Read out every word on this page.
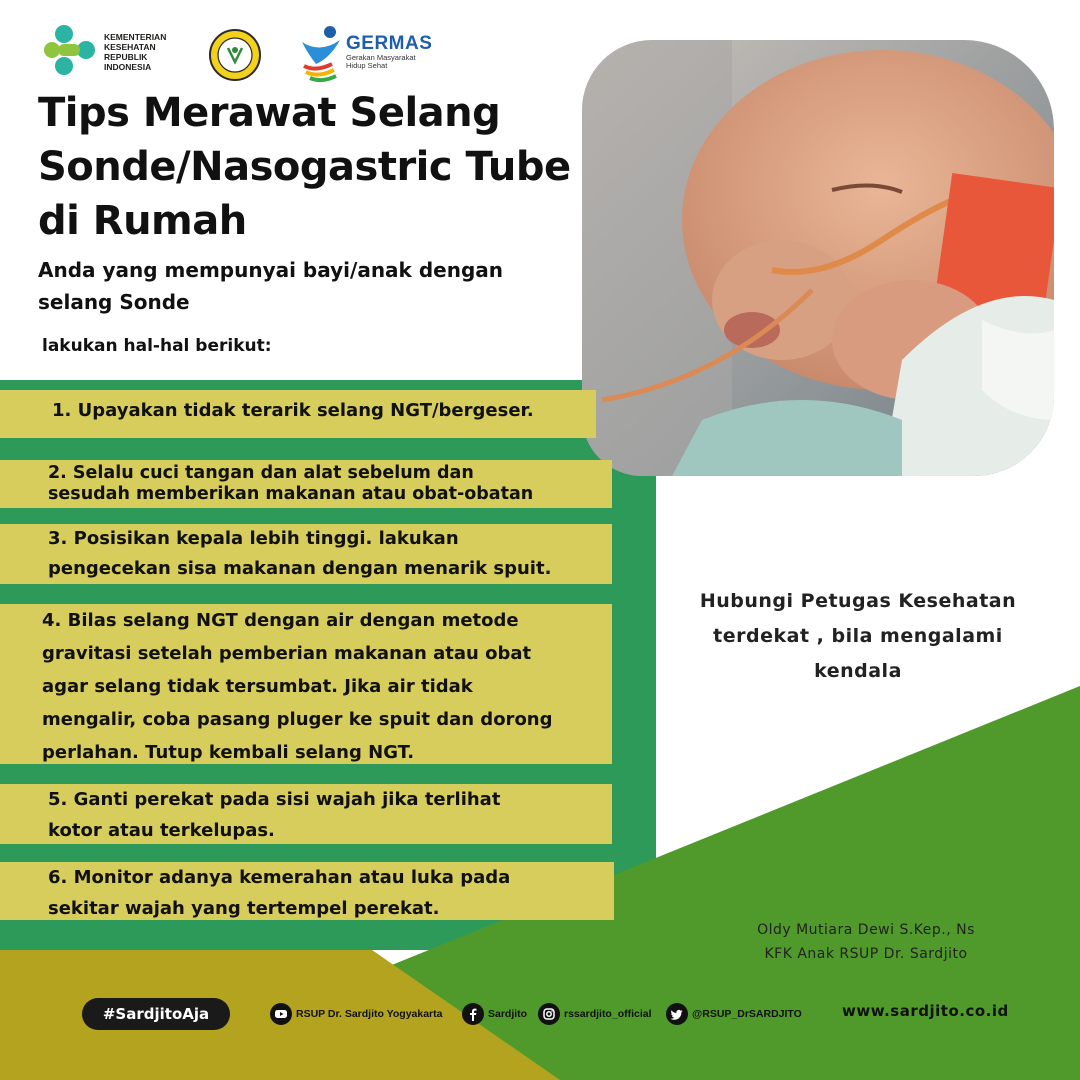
KEMENTERIAN
KESEHATAN
REPUBLIK
INDONESIA
GERMAS
Gerakan Masyarakat
Hidup Sehat
Tips Merawat Selang
Sonde/Nasogastric Tube
di Rumah
Anda yang mempunyai bayi/anak dengan
selang Sonde
lakukan hal-hal berikut:
1. Upayakan tidak terarik selang NGT/bergeser.
2. Selalu cuci tangan dan alat sebelum dan
sesudah memberikan makanan atau obat-obatan
3. Posisikan kepala lebih tinggi. lakukan
pengecekan sisa makanan dengan menarik spuit.
4. Bilas selang NGT dengan air dengan metode
gravitasi setelah pemberian makanan atau obat
agar selang tidak tersumbat. Jika air tidak
mengalir, coba pasang pluger ke spuit dan dorong
perlahan. Tutup kembali selang NGT.
5. Ganti perekat pada sisi wajah jika terlihat
kotor atau terkelupas.
6. Monitor adanya kemerahan atau luka pada
sekitar wajah yang tertempel perekat.
Hubungi Petugas Kesehatan
terdekat , bila mengalami
kendala
Oldy Mutiara Dewi S.Kep., Ns
KFK Anak RSUP Dr. Sardjito
#SardjitoAja	RSUP Dr. Sardjito Yogyakarta	Sardjito	rssardjito_official	@RSUP_DrSARDJITO	www.sardjito.co.id
